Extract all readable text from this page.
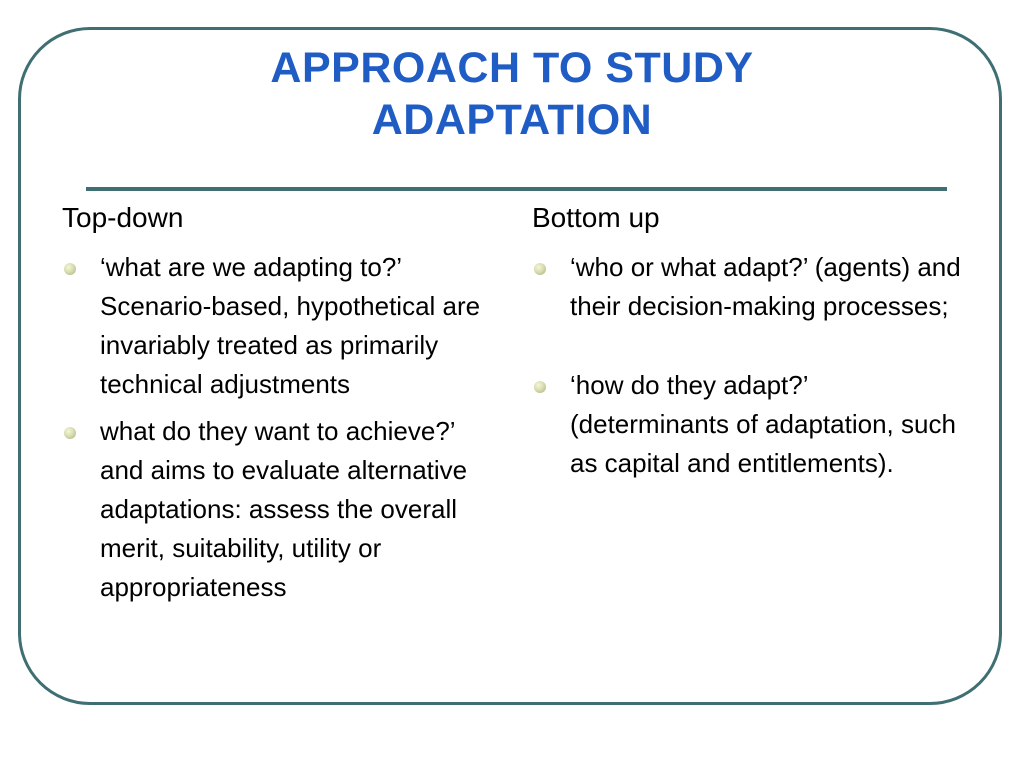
APPROACH TO STUDY
ADAPTATION
Top-down
‘what are we adapting to?’ Scenario-based, hypothetical are invariably treated as primarily technical adjustments
what do they want to achieve?’ and aims to evaluate alternative adaptations: assess the overall merit, suitability, utility or appropriateness
Bottom up
‘who or what adapt?’ (agents) and their decision-making processes;
‘how do they adapt?’ (determinants of adaptation, such as capital and entitlements).
